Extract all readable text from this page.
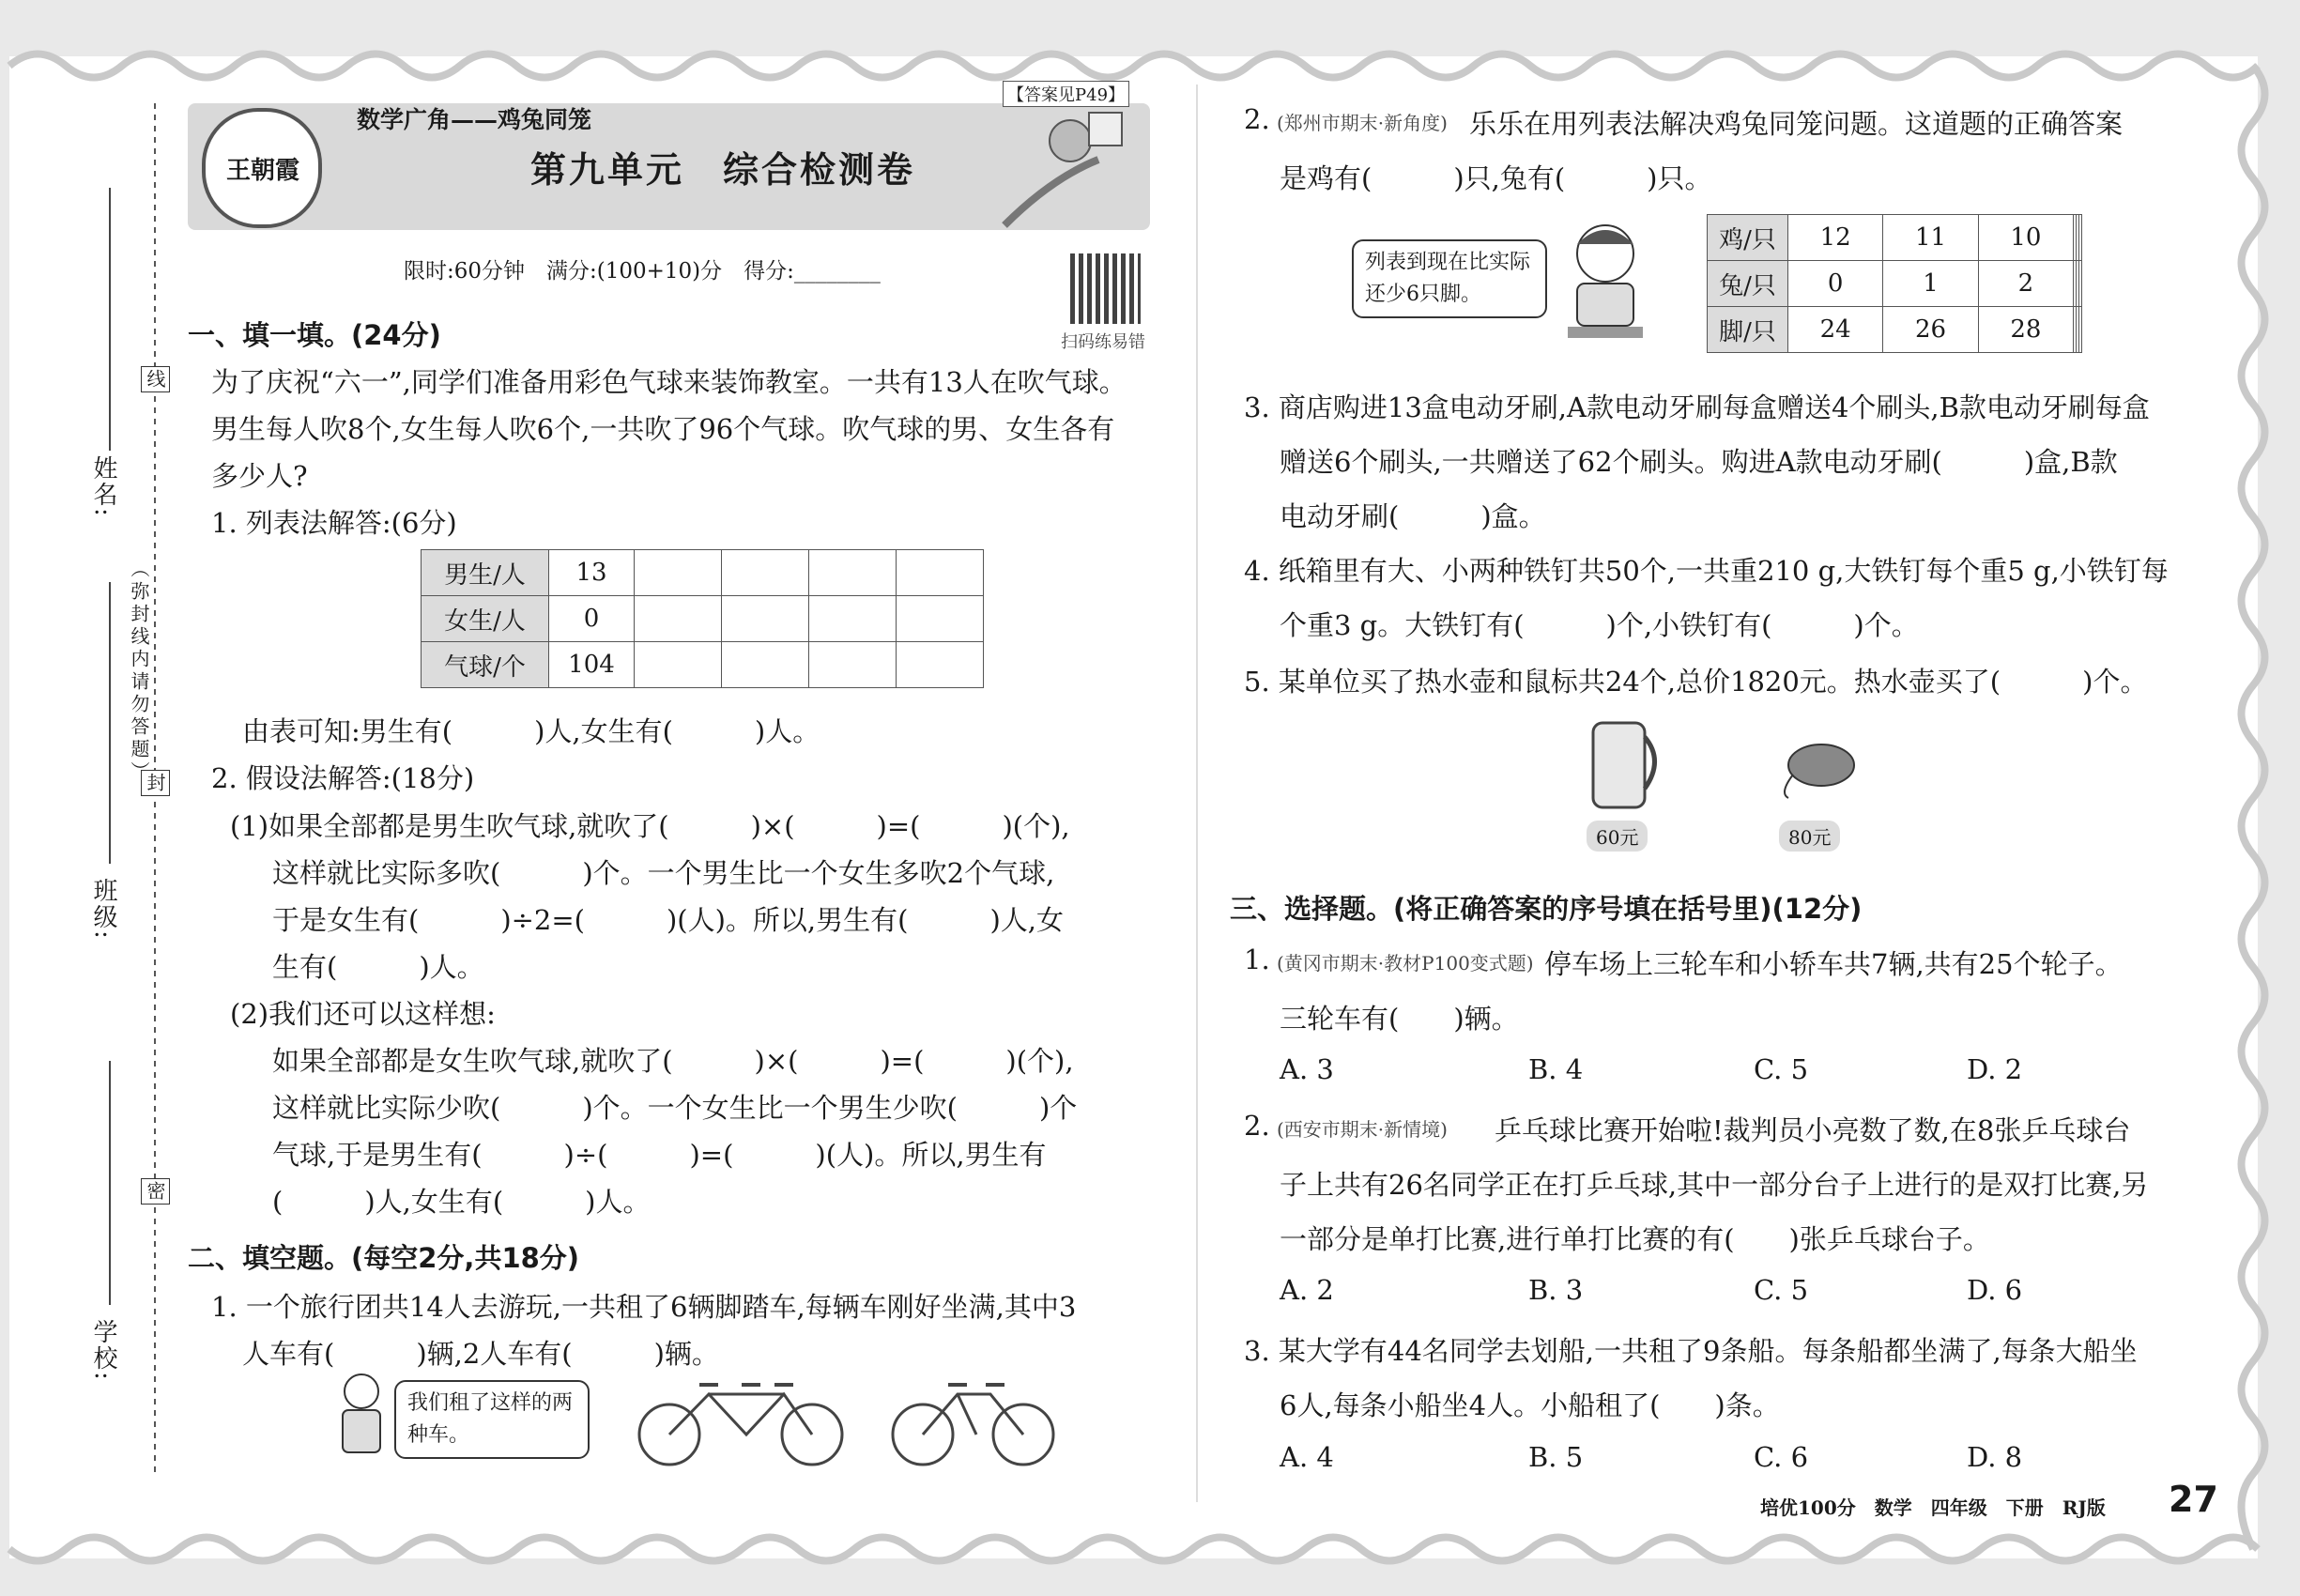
姓名:
班级:
学校:
线
封
密
（弥封线内请勿答题）
王朝霞
数学广角——鸡兔同笼
第九单元　综合检测卷
【答案见P49】
限时:60分钟　满分:(100+10)分　得分:________
扫码练易错
一、填一填。(24分)
为了庆祝“六一”,同学们准备用彩色气球来装饰教室。一共有13人在吹气球。
男生每人吹8个,女生每人吹6个,一共吹了96个气球。吹气球的男、女生各有
多少人?
1. 列表法解答:(6分)
男生/人	13				
女生/人	0				
气球/个	104				
由表可知:男生有(　　　)人,女生有(　　　)人。
2. 假设法解答:(18分)
(1)如果全部都是男生吹气球,就吹了(　　　)×(　　　)=(　　　)(个),
这样就比实际多吹(　　　)个。一个男生比一个女生多吹2个气球,
于是女生有(　　　)÷2=(　　　)(人)。所以,男生有(　　　)人,女
生有(　　　)人。
(2)我们还可以这样想:
如果全部都是女生吹气球,就吹了(　　　)×(　　　)=(　　　)(个),
这样就比实际少吹(　　　)个。一个女生比一个男生少吹(　　　)个
气球,于是男生有(　　　)÷(　　　)=(　　　)(人)。所以,男生有
(　　　)人,女生有(　　　)人。
二、填空题。(每空2分,共18分)
1. 一个旅行团共14人去游玩,一共租了6辆脚踏车,每辆车刚好坐满,其中3
人车有(　　　)辆,2人车有(　　　)辆。
我们租了这样的两种车。
2. (郑州市期末·新角度) 乐乐在用列表法解决鸡兔同笼问题。这道题的正确答案
是鸡有(　　　)只,兔有(　　　)只。
列表到现在比实际还少6只脚。
鸡/只	12	11	10			
兔/只	0	1	2			
脚/只	24	26	28			
3. 商店购进13盒电动牙刷,A款电动牙刷每盒赠送4个刷头,B款电动牙刷每盒
赠送6个刷头,一共赠送了62个刷头。购进A款电动牙刷(　　　)盒,B款
电动牙刷(　　　)盒。
4. 纸箱里有大、小两种铁钉共50个,一共重210 g,大铁钉每个重5 g,小铁钉每
个重3 g。大铁钉有(　　　)个,小铁钉有(　　　)个。
5. 某单位买了热水壶和鼠标共24个,总价1820元。热水壶买了(　　　)个。
60元	80元
三、选择题。(将正确答案的序号填在括号里)(12分)
1. (黄冈市期末·教材P100变式题) 停车场上三轮车和小轿车共7辆,共有25个轮子。
三轮车有(　　)辆。
A. 3	B. 4	C. 5	D. 2
2. (西安市期末·新情境) 乒乓球比赛开始啦!裁判员小亮数了数,在8张乒乓球台
子上共有26名同学正在打乒乓球,其中一部分台子上进行的是双打比赛,另
一部分是单打比赛,进行单打比赛的有(　　)张乒乓球台子。
A. 2	B. 3	C. 5	D. 6
3. 某大学有44名同学去划船,一共租了9条船。每条船都坐满了,每条大船坐
6人,每条小船坐4人。小船租了(　　)条。
A. 4	B. 5	C. 6	D. 8
培优100分　数学　四年级　下册　RJ版 27
